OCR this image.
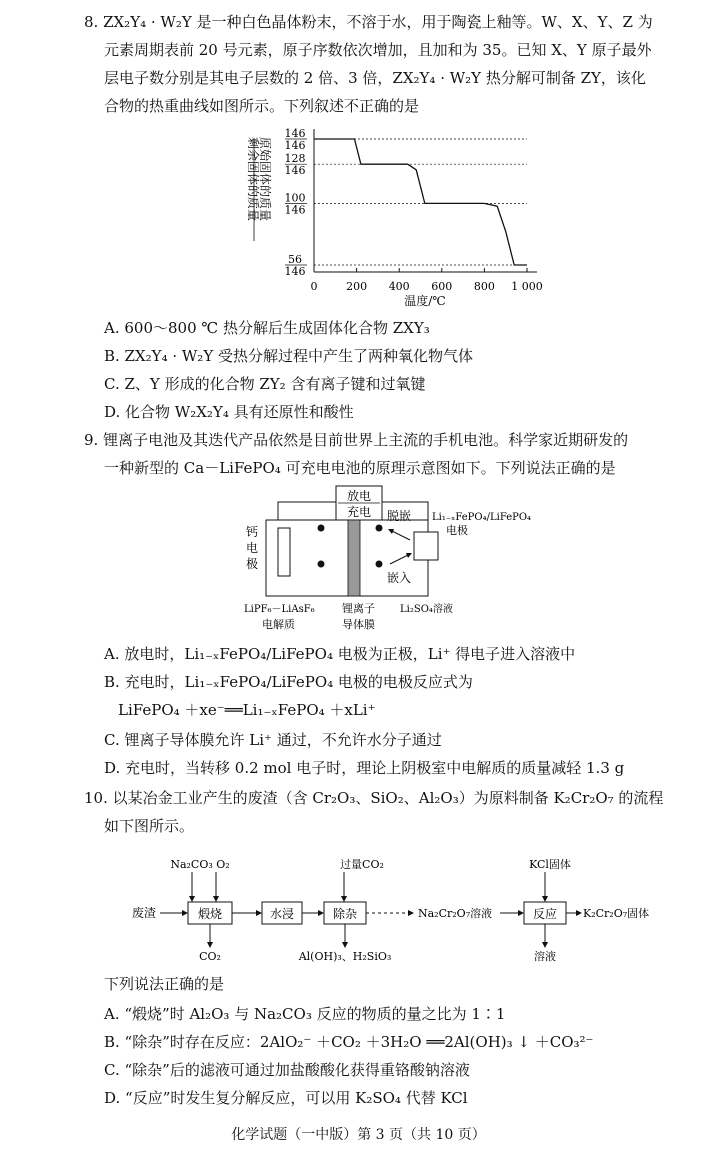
8. ZX₂Y₄ · W₂Y 是一种白色晶体粉末，不溶于水，用于陶瓷上釉等。W、X、Y、Z 为
元素周期表前 20 号元素，原子序数依次增加，且加和为 35。已知 X、Y 原子最外
层电子数分别是其电子层数的 2 倍、3 倍，ZX₂Y₄ · W₂Y 热分解可制备 ZY，该化
合物的热重曲线如图所示。下列叙述不正确的是
剩余固体的质量
原始固体的质量
0	200 400 600 800 1 000
146
146
128
146
100
146
56
146
温度/℃
A. 600～800 ℃ 热分解后生成固体化合物 ZXY₃
B. ZX₂Y₄ · W₂Y 受热分解过程中产生了两种氧化物气体
C. Z、Y 形成的化合物 ZY₂ 含有离子键和过氧键
D. 化合物 W₂X₂Y₄ 具有还原性和酸性
9. 锂离子电池及其迭代产品依然是目前世界上主流的手机电池。科学家近期研发的
一种新型的 Ca－LiFePO₄ 可充电电池的原理示意图如下。下列说法正确的是
放电
充电
钙
电
极
脱嵌
嵌入
Li₁₋ₓFePO₄/LiFePO₄
电极
LiPF₆－LiAsF₆
电解质
锂离子
导体膜
Li₂SO₄溶液
A. 放电时，Li₁₋ₓFePO₄/LiFePO₄ 电极为正极，Li⁺ 得电子进入溶液中
B. 充电时，Li₁₋ₓFePO₄/LiFePO₄ 电极的电极反应式为
LiFePO₄ ＋xe⁻══Li₁₋ₓFePO₄ ＋xLi⁺
C. 锂离子导体膜允许 Li⁺ 通过，不允许水分子通过
D. 充电时，当转移 0.2 mol 电子时，理论上阴极室中电解质的质量减轻 1.3 g
10. 以某冶金工业产生的废渣（含 Cr₂O₃、SiO₂、Al₂O₃）为原料制备 K₂Cr₂O₇ 的流程
如下图所示。
Na₂CO₃ O₂	过量CO₂	KCl固体
废渣	煅烧	水浸	除杂	Na₂Cr₂O₇溶液	反应 K₂Cr₂O₇固体
CO₂	Al(OH)₃、H₂SiO₃	溶液
下列说法正确的是
A. “煅烧”时 Al₂O₃ 与 Na₂CO₃ 反应的物质的量之比为 1∶1
B. “除杂”时存在反应：2AlO₂⁻ ＋CO₂ ＋3H₂O ══2Al(OH)₃ ↓ ＋CO₃²⁻
C. “除杂”后的滤液可通过加盐酸酸化获得重铬酸钠溶液
D. “反应”时发生复分解反应，可以用 K₂SO₄ 代替 KCl
化学试题（一中版）第 3 页（共 10 页）
